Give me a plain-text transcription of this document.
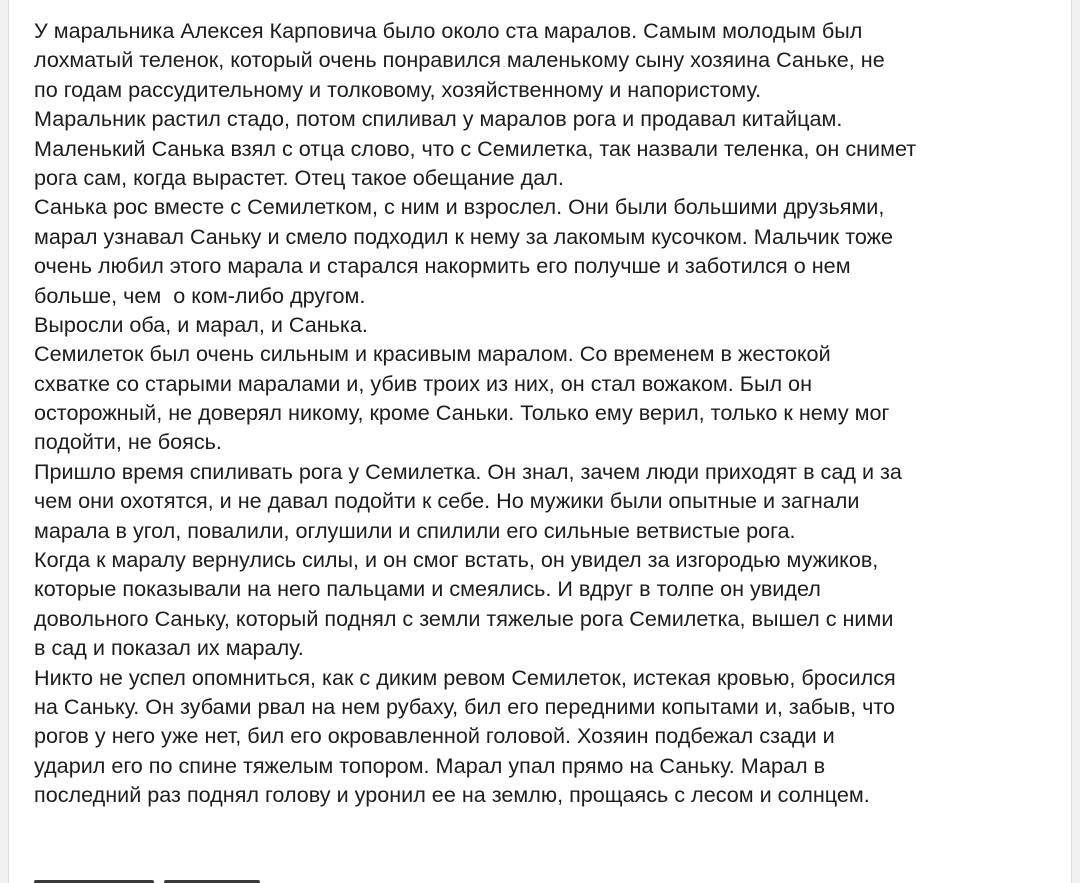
У маральника Алексея Карповича было около ста маралов. Самым молодым был
лохматый теленок, который очень понравился маленькому сыну хозяина Саньке, не
по годам рассудительному и толковому, хозяйственному и напористому.
Маральник растил стадо, потом спиливал у маралов рога и продавал китайцам.
Маленький Санька взял с отца слово, что с Семилетка, так назвали теленка, он снимет
рога сам, когда вырастет. Отец такое обещание дал.
Санька рос вместе с Семилетком, с ним и взрослел. Они были большими друзьями,
марал узнавал Саньку и смело подходил к нему за лакомым кусочком. Мальчик тоже
очень любил этого марала и старался накормить его получше и заботился о нем
больше, чем  о ком-либо другом.
Выросли оба, и марал, и Санька.
Семилеток был очень сильным и красивым маралом. Со временем в жестокой
схватке со старыми маралами и, убив троих из них, он стал вожаком. Был он
осторожный, не доверял никому, кроме Саньки. Только ему верил, только к нему мог
подойти, не боясь.
Пришло время спиливать рога у Семилетка. Он знал, зачем люди приходят в сад и за
чем они охотятся, и не давал подойти к себе. Но мужики были опытные и загнали
марала в угол, повалили, оглушили и спилили его сильные ветвистые рога.
Когда к маралу вернулись силы, и он смог встать, он увидел за изгородью мужиков,
которые показывали на него пальцами и смеялись. И вдруг в толпе он увидел
довольного Саньку, который поднял с земли тяжелые рога Семилетка, вышел с ними
в сад и показал их маралу.
Никто не успел опомниться, как с диким ревом Семилеток, истекая кровью, бросился
на Саньку. Он зубами рвал на нем рубаху, бил его передними копытами и, забыв, что
рогов у него уже нет, бил его окровавленной головой. Хозяин подбежал сзади и
ударил его по спине тяжелым топором. Марал упал прямо на Саньку. Марал в
последний раз поднял голову и уронил ее на землю, прощаясь с лесом и солнцем.
